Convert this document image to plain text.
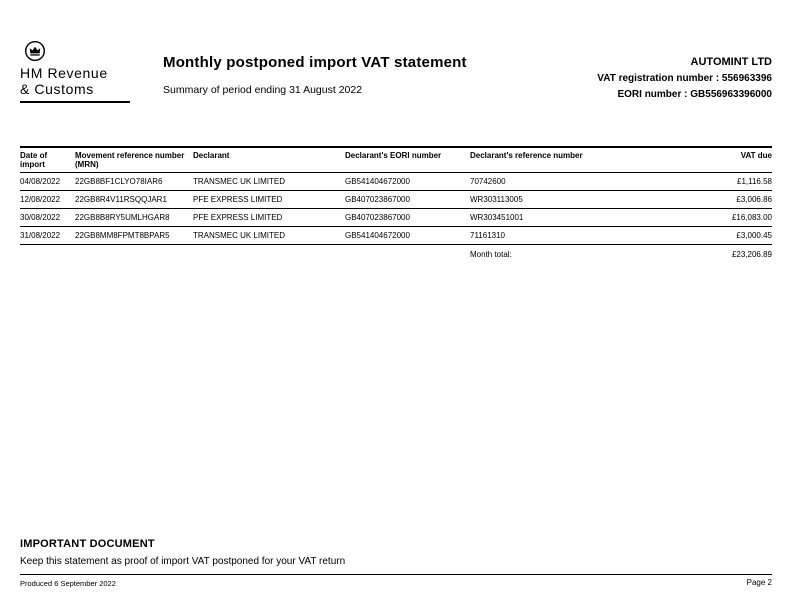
HM Revenue
& Customs
Monthly postponed import VAT statement
Summary of period ending 31 August 2022
AUTOMINT LTD
VAT registration number : 556963396
EORI number : GB556963396000
Date of import	Movement reference number (MRN)	Declarant	Declarant's EORI number	Declarant's reference number	VAT due
04/08/2022	22GB8BF1CLYO78IAR6	TRANSMEC UK LIMITED	GB541404672000	70742600	£1,116.58
12/08/2022	22GB8R4V11RSQQJAR1	PFE EXPRESS LIMITED	GB407023867000	WR303113005	£3,006.86
30/08/2022	22GB8B8RY5UMLHGAR8	PFE EXPRESS LIMITED	GB407023867000	WR303451001	£16,083.00
31/08/2022	22GB8MM8FPMT8BPAR5	TRANSMEC UK LIMITED	GB541404672000	71161310	£3,000.45
				Month total:	£23,206.89
IMPORTANT DOCUMENT
Keep this statement as proof of import VAT postponed for your VAT return
Produced 6 September 2022	Page 2
